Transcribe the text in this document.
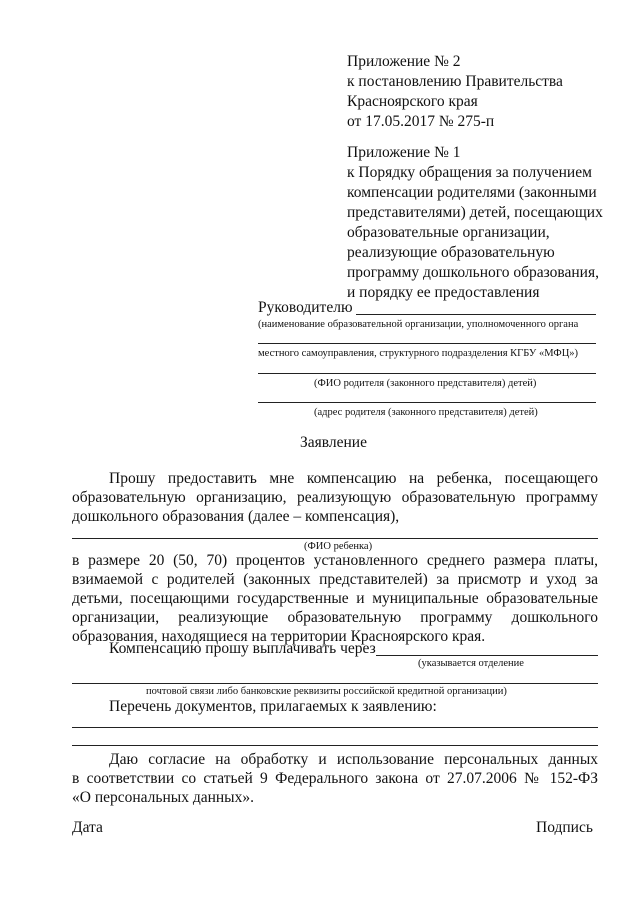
Приложение № 2
к постановлению Правительства
Красноярского края
от 17.05.2017 № 275-п
Приложение № 1
к Порядку обращения за получением
компенсации родителями (законными
представителями) детей, посещающих
образовательные организации,
реализующие образовательную
программу дошкольного образования,
и порядку ее предоставления
Руководителю
(наименование образовательной организации, уполномоченного органа
местного самоуправления, структурного подразделения КГБУ «МФЦ»)
(ФИО родителя (законного представителя) детей)
(адрес родителя (законного представителя) детей)
Заявление
Прошу предоставить мне компенсацию на ребенка, посещающего
образовательную организацию, реализующую образовательную программу
дошкольного образования (далее – компенсация),
(ФИО ребенка)
в размере 20 (50, 70) процентов установленного среднего размера платы,
взимаемой с родителей (законных представителей) за присмотр и уход за
детьми, посещающими государственные и муниципальные образовательные
организации, реализующие образовательную программу дошкольного
образования, находящиеся на территории Красноярского края.
Компенсацию прошу выплачивать через
(указывается отделение
почтовой связи либо банковские реквизиты российской кредитной организации)
Перечень документов, прилагаемых к заявлению:
Даю согласие на обработку и использование персональных данных
в соответствии со статьей 9 Федерального закона от 27.07.2006 № 152-ФЗ
«О персональных данных».
Дата	Подпись
